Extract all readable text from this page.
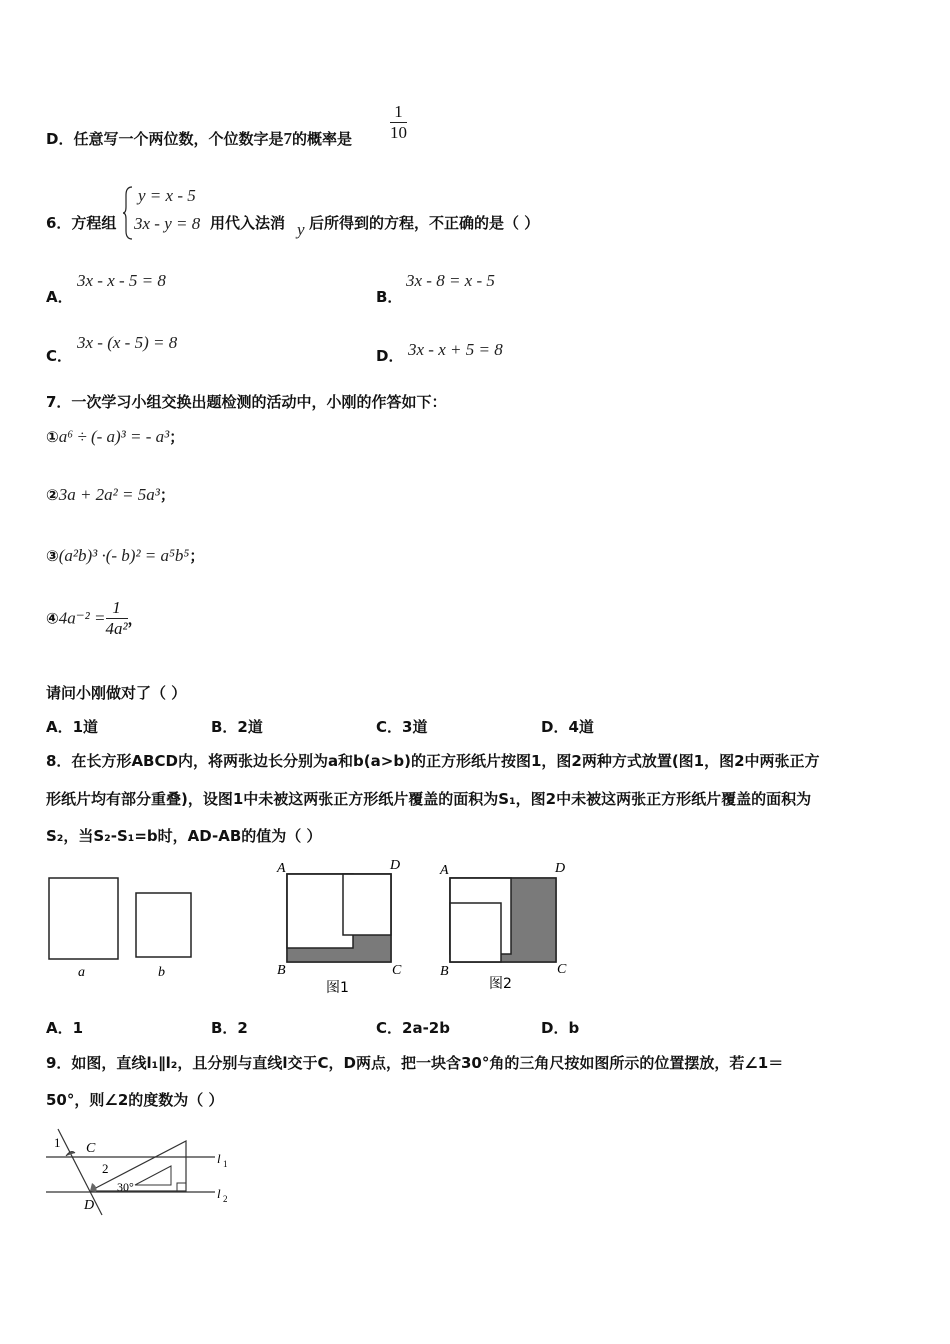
D．任意写一个两位数，个位数字是7的概率是 $\frac{1}{10}$
6．方程组
y = x - 5
3x - y = 8 用代入法消 y 后所得到的方程，不正确的是（ ）
A．
3x - x - 5 = 8
B．
3x - 8 = x - 5
C．
3x - (x - 5) = 8
D． 3x - x + 5 = 8
7．一次学习小组交换出题检测的活动中，小刚的作答如下：
①a⁶ ÷ (- a)³ = - a³；
②3a + 2a² = 5a³；
③(a²b)³ ·(- b)² = a⁵b⁵；
④4a⁻² = $\frac{1}{\text{4a²}}$ ，
请问小刚做对了（ ）
A．1道	B．2道	C．3道	D．4道
8．在长方形ABCD内，将两张边长分别为a和b(a>b)的正方形纸片按图1，图2两种方式放置(图1，图2中两张正方
形纸片均有部分重叠)，设图1中未被这两张正方形纸片覆盖的面积为S₁，图2中未被这两张正方形纸片覆盖的面积为
S₂，当S₂-S₁=b时，AD-AB的值为（ ）
a	b
A	D
B	C
图1
A	D
B	C
图2
A．1	B．2	C．2a-2b	D．b
9．如图，直线l₁∥l₂，且分别与直线l交于C，D两点，把一块含30°角的三角尺按如图所示的位置摆放，若∠1＝
50°，则∠2的度数为（ ）
1 C
2
D
30°
l 1
l 2
